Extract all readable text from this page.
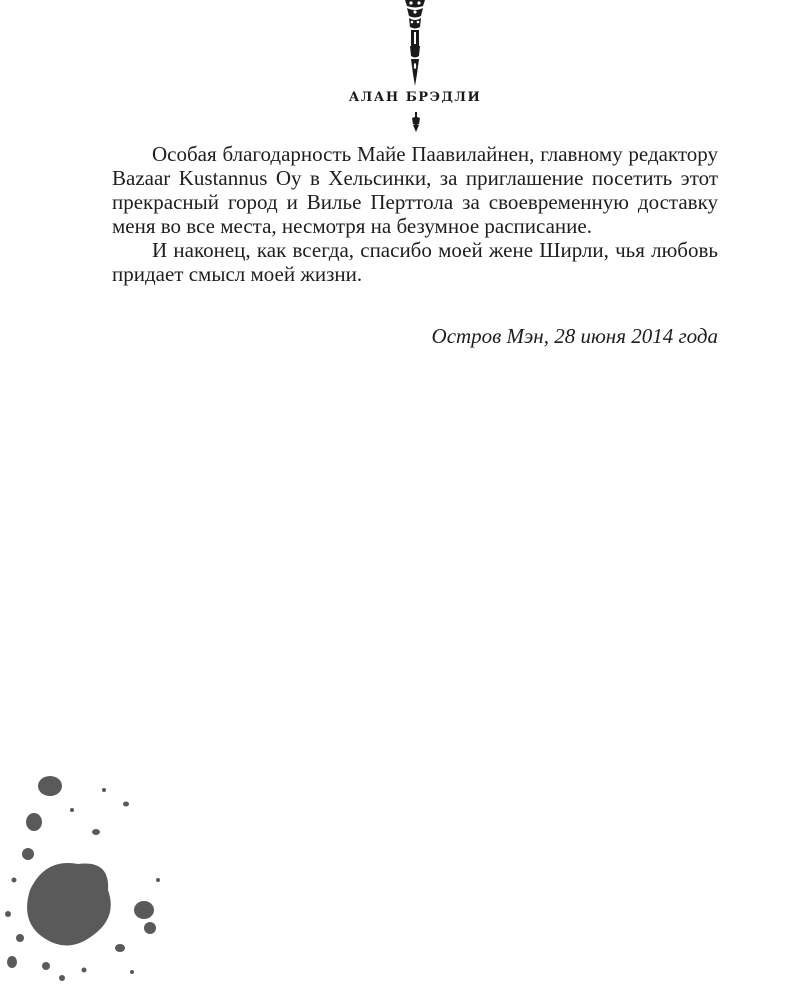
АЛАН БРЭДЛИ

Особая благодарность Майе Паавилайнен, главному редактору Bazaar Kustannus Oy в Хельсинки, за приглашение посетить этот прекрасный город и Вилье Перттола за своевременную доставку меня во все места, несмотря на безумное расписание.

И наконец, как всегда, спасибо моей жене Ширли, чья любовь придает смысл моей жизни.

Остров Мэн, 28 июня 2014 года
